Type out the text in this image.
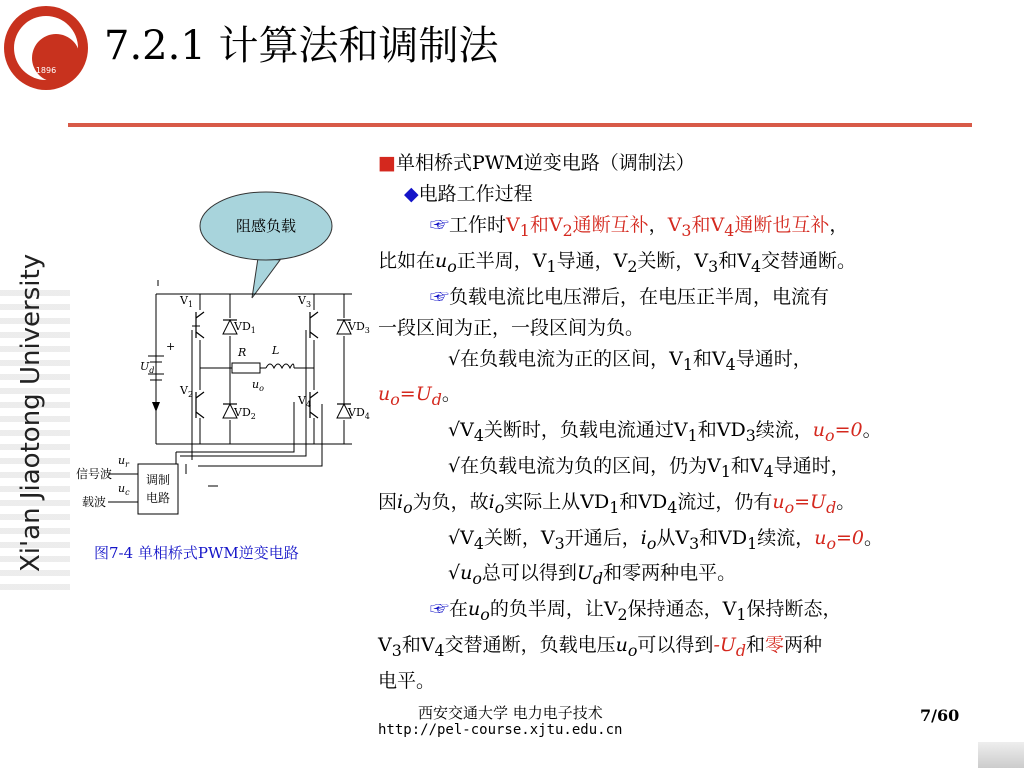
1896
7.2.1 计算法和调制法
Xi'an Jiaotong University
阻感负载
$U_d$
+
$V_1$
$VD_1$
$V_2$
$VD_2$
$V_3$
$VD_3$
$V_4$
$VD_4$
R L
$u_o$
$u_r$
$u_c$
信号波
载波
调制
电路
图7-4 单相桥式PWM逆变电路

■单相桥式PWM逆变电路（调制法）

◆电路工作过程

☞工作时$V_1$和$V_2$通断互补，$V_3$和$V_4$通断也互补，

比如在$u_o$正半周，$V_1$导通，$V_2$关断，$V_3$和$V_4$交替通断。

☞负载电流比电压滞后，在电压正半周，电流有

一段区间为正，一段区间为负。

√在负载电流为正的区间，$V_1$和$V_4$导通时，

$u_o=U_d$。

$√V_4$关断时，负载电流通过$V_1$和$VD_3$续流，$u_o=0$。

√在负载电流为负的区间，仍为$V_1$和$V_4$导通时，

因$i_o$为负，故$i_o$实际上从$VD_1$和$VD_4$流过，仍有$u_o=U_d$。

$√V_4$关断，$V_3$开通后，$i_o$从$V_3$和$VD_1$续流，$u_o=0$。

$√u_o$总可以得到$U_d$和零两种电平。

☞在$u_o$的负半周，让$V_2$保持通态，$V_1$保持断态，

$V_3$和$V_4$交替通断，负载电压$u_o$可以得到$-U_d$和零两种

电平。

西安交通大学 电力电子技术
http://pel-course.xjtu.edu.cn
7/60
